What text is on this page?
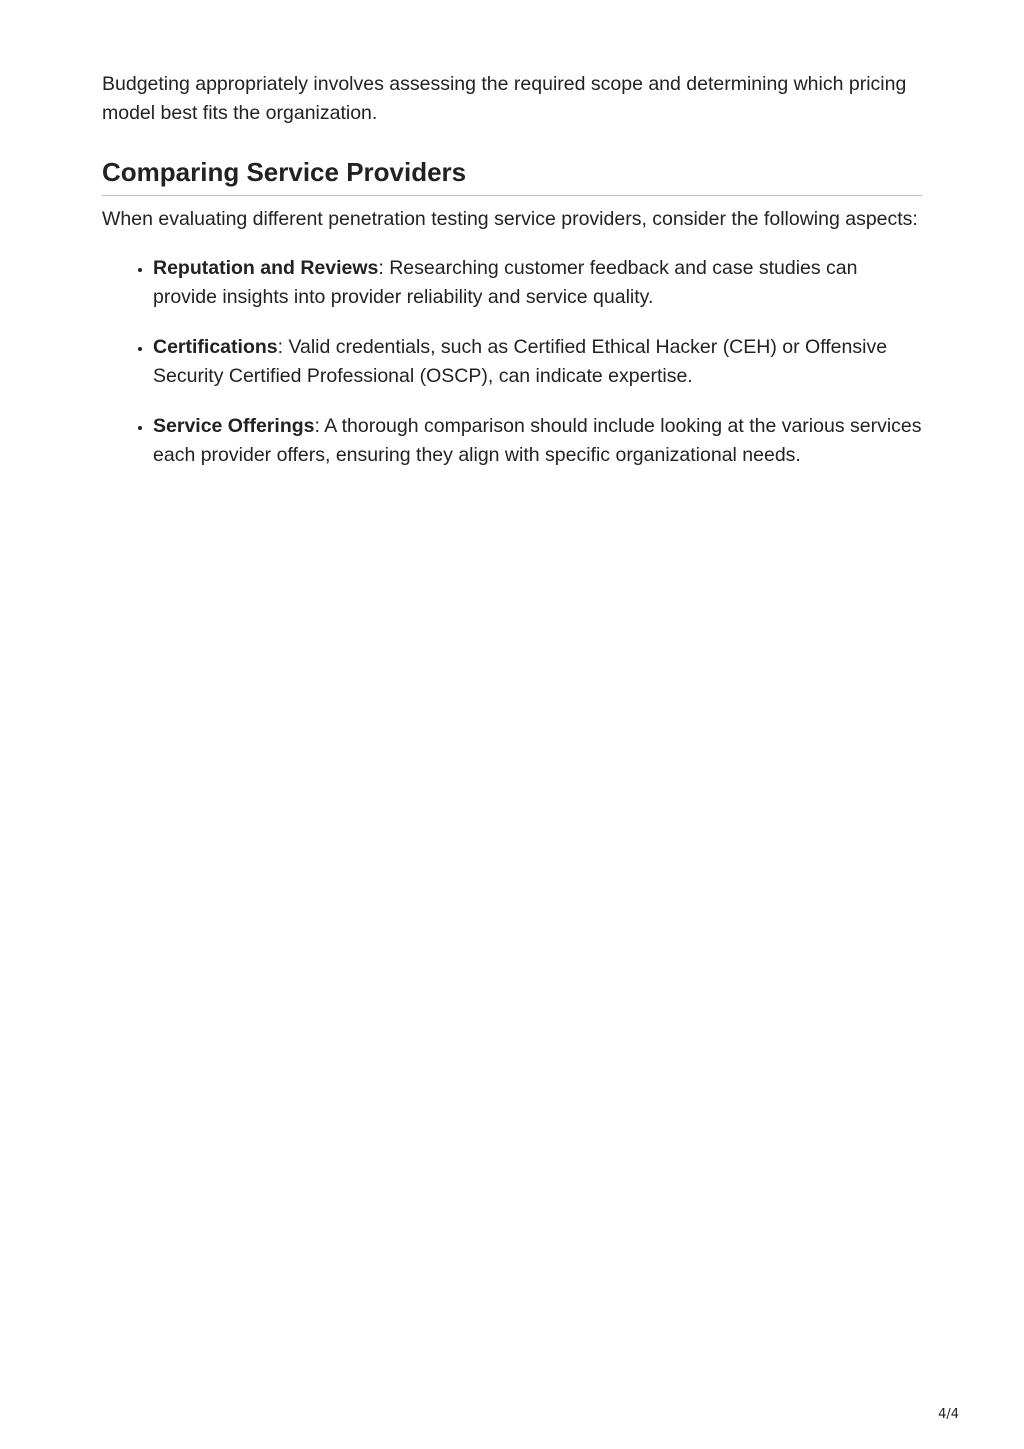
Budgeting appropriately involves assessing the required scope and determining which pricing model best fits the organization.

Comparing Service Providers

When evaluating different penetration testing service providers, consider the following aspects:

• Reputation and Reviews: Researching customer feedback and case studies can provide insights into provider reliability and service quality.
• Certifications: Valid credentials, such as Certified Ethical Hacker (CEH) or Offensive Security Certified Professional (OSCP), can indicate expertise.
• Service Offerings: A thorough comparison should include looking at the various services each provider offers, ensuring they align with specific organizational needs.
4/4
